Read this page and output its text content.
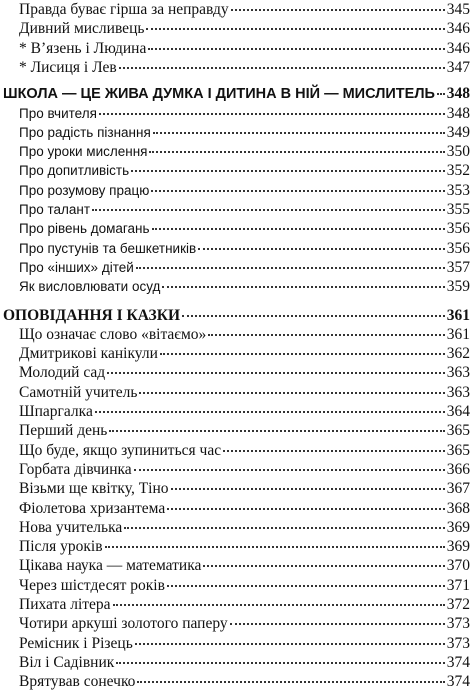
Правда буває гірша за неправду	345
Дивний мисливець	346
* В’язень і Людина	346
* Лисиця і Лев	347
ШКОЛА — ЦЕ ЖИВА ДУМКА І ДИТИНА В НІЙ — МИСЛИТЕЛЬ 348
Про вчителя	348
Про радість пізнання	349
Про уроки мислення	350
Про допитливість	352
Про розумову працю	353
Про талант	355
Про рівень домагань	356
Про пустунів та бешкетників	356
Про «інших» дітей	357
Як висловлювати осуд	359
ОПОВІДАННЯ І КАЗКИ	361
Що означає слово «вітаємо»	361
Дмитрикові канікули	362
Молодий сад	363
Самотній учитель	363
Шпаргалка	364
Перший день	365
Що буде, якщо зупиниться час	365
Горбата дівчинка	366
Візьми ще квітку, Тіно	367
Фіолетова хризантема	368
Нова учителька	369
Після уроків	369
Цікава наука — математика	370
Через шістдесят років	371
Пихата літера	372
Чотири аркуші золотого паперу	373
Ремісник і Різець	373
Віл і Садівник	374
Врятував сонечко	374
